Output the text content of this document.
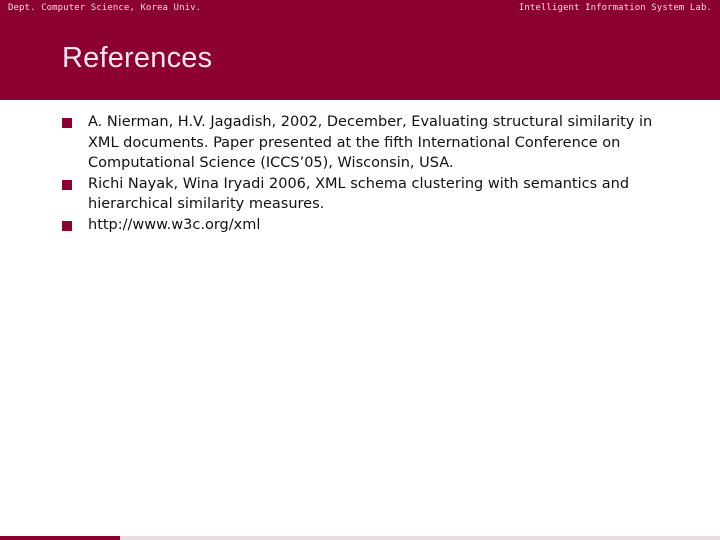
Dept. Computer Science, Korea Univ.	Intelligent Information System Lab.
References
A. Nierman, H.V. Jagadish, 2002, December, Evaluating structural similarity in XML documents. Paper presented at the fifth International Conference on Computational Science (ICCS’05), Wisconsin, USA.
Richi Nayak, Wina Iryadi 2006, XML schema clustering with semantics and hierarchical similarity measures.
http://www.w3c.org/xml
